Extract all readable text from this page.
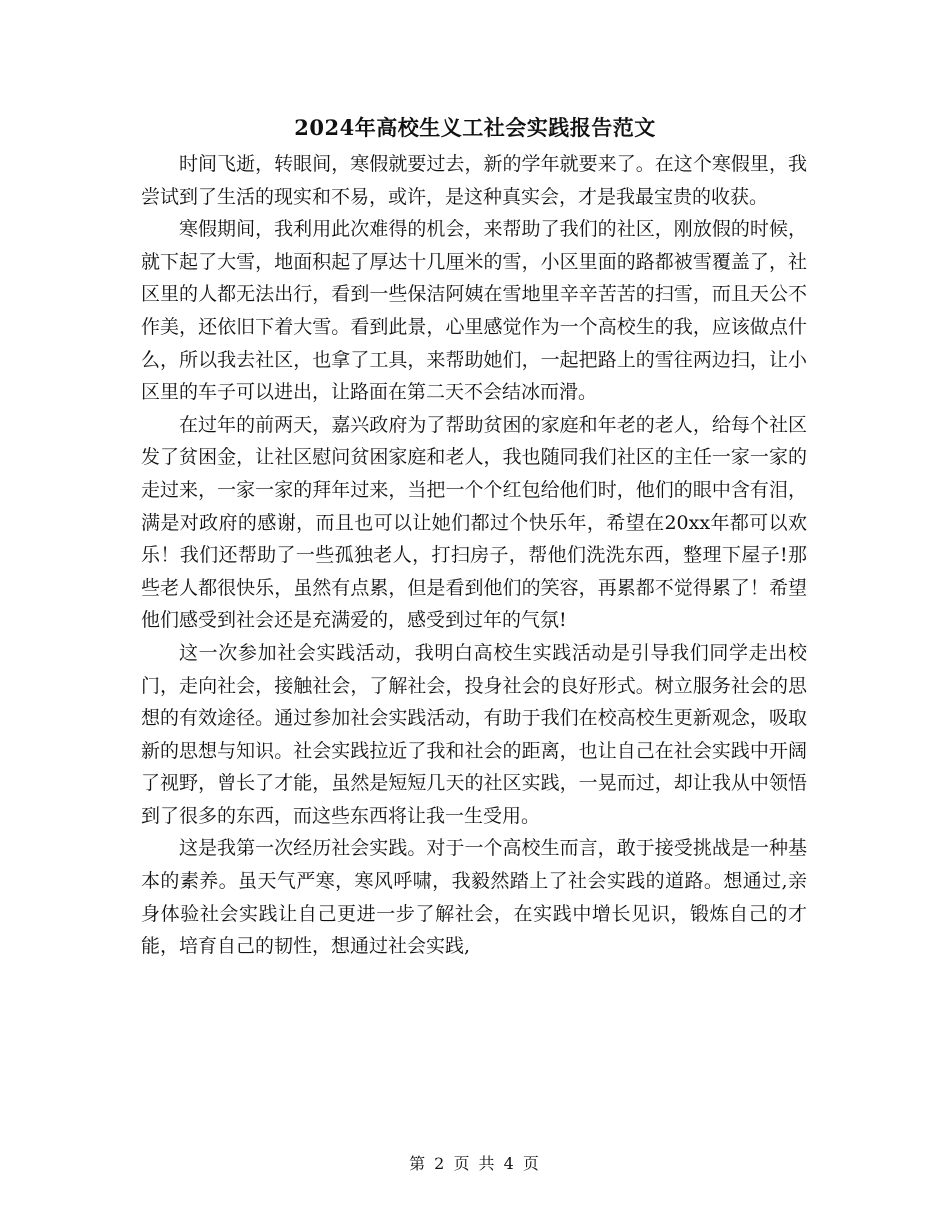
2024年高校生义工社会实践报告范文

时间飞逝，转眼间，寒假就要过去，新的学年就要来了。在这个寒假里，我尝试到了生活的现实和不易，或许，是这种真实会，才是我最宝贵的收获。

寒假期间，我利用此次难得的机会，来帮助了我们的社区，刚放假的时候，就下起了大雪，地面积起了厚达十几厘米的雪，小区里面的路都被雪覆盖了，社区里的人都无法出行，看到一些保洁阿姨在雪地里辛辛苦苦的扫雪，而且天公不作美，还依旧下着大雪。看到此景，心里感觉作为一个高校生的我，应该做点什么，所以我去社区，也拿了工具，来帮助她们，一起把路上的雪往两边扫，让小区里的车子可以进出，让路面在第二天不会结冰而滑。

在过年的前两天，嘉兴政府为了帮助贫困的家庭和年老的老人，给每个社区发了贫困金，让社区慰问贫困家庭和老人，我也随同我们社区的主任一家一家的走过来，一家一家的拜年过来，当把一个个红包给他们时，他们的眼中含有泪，满是对政府的感谢，而且也可以让她们都过个快乐年，希望在20xx年都可以欢乐！我们还帮助了一些孤独老人，打扫房子，帮他们洗洗东西，整理下屋子!那些老人都很快乐，虽然有点累，但是看到他们的笑容，再累都不觉得累了！希望他们感受到社会还是充满爱的，感受到过年的气氛!

这一次参加社会实践活动，我明白高校生实践活动是引导我们同学走出校门，走向社会，接触社会，了解社会，投身社会的良好形式。树立服务社会的思想的有效途径。通过参加社会实践活动，有助于我们在校高校生更新观念，吸取新的思想与知识。社会实践拉近了我和社会的距离，也让自己在社会实践中开阔了视野，曾长了才能，虽然是短短几天的社区实践，一晃而过，却让我从中领悟到了很多的东西，而这些东西将让我一生受用。

这是我第一次经历社会实践。对于一个高校生而言，敢于接受挑战是一种基本的素养。虽天气严寒，寒风呼啸，我毅然踏上了社会实践的道路。想通过,亲身体验社会实践让自己更进一步了解社会，在实践中增长见识，锻炼自己的才能，培育自己的韧性，想通过社会实践,

第 2 页 共 4 页
